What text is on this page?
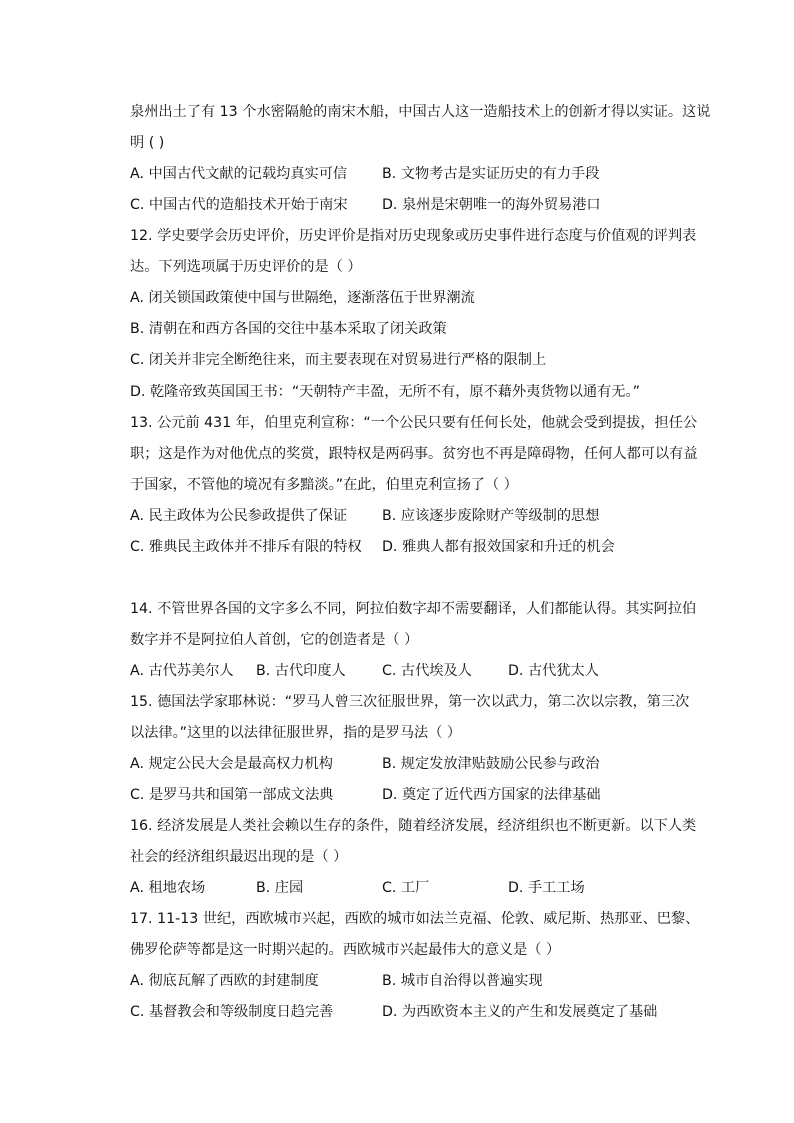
泉州出土了有 13 个水密隔舱的南宋木船，中国古人这一造船技术上的创新才得以实证。这说
明 ( )
A. 中国古代文献的记载均真实可信 B. 文物考古是实证历史的有力手段
C. 中国古代的造船技术开始于南宋 D. 泉州是宋朝唯一的海外贸易港口
12. 学史要学会历史评价，历史评价是指对历史现象或历史事件进行态度与价值观的评判表
达。下列选项属于历史评价的是（ ）
A. 闭关锁国政策使中国与世隔绝，逐渐落伍于世界潮流
B. 清朝在和西方各国的交往中基本采取了闭关政策
C. 闭关并非完全断绝往来，而主要表现在对贸易进行严格的限制上
D. 乾隆帝致英国国王书：“天朝特产丰盈，无所不有，原不藉外夷货物以通有无。”
13. 公元前 431 年，伯里克利宣称：“一个公民只要有任何长处，他就会受到提拔，担任公
职；这是作为对他优点的奖赏，跟特权是两码事。贫穷也不再是障碍物，任何人都可以有益
于国家，不管他的境况有多黯淡。”在此，伯里克利宣扬了（ ）
A. 民主政体为公民参政提供了保证 B. 应该逐步废除财产等级制的思想
C. 雅典民主政体并不排斥有限的特权 D. 雅典人都有报效国家和升迁的机会
14. 不管世界各国的文字多么不同，阿拉伯数字却不需要翻译，人们都能认得。其实阿拉伯
数字并不是阿拉伯人首创，它的创造者是（ ）
A. 古代苏美尔人 B. 古代印度人	C. 古代埃及人	D. 古代犹太人
15. 德国法学家耶林说：“罗马人曾三次征服世界，第一次以武力，第二次以宗教，第三次
以法律。”这里的以法律征服世界，指的是罗马法（ ）
A. 规定公民大会是最高权力机构	B. 规定发放津贴鼓励公民参与政治
C. 是罗马共和国第一部成文法典	D. 奠定了近代西方国家的法律基础
16. 经济发展是人类社会赖以生存的条件，随着经济发展，经济组织也不断更新。以下人类
社会的经济组织最迟出现的是（ ）
A. 租地农场	B. 庄园	C. 工厂	D. 手工工场
17. 11-13 世纪，西欧城市兴起，西欧的城市如法兰克福、伦敦、威尼斯、热那亚、巴黎、
佛罗伦萨等都是这一时期兴起的。西欧城市兴起最伟大的意义是（ ）
A. 彻底瓦解了西欧的封建制度	B. 城市自治得以普遍实现
C. 基督教会和等级制度日趋完善	D. 为西欧资本主义的产生和发展奠定了基础
